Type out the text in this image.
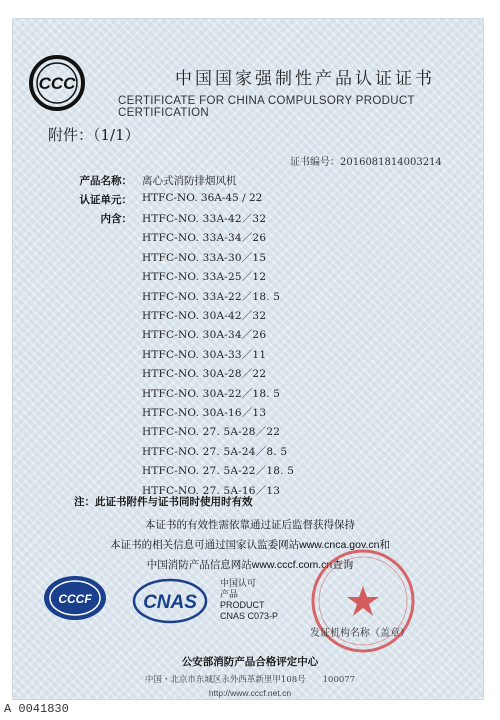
CCC	中国国家强制性产品认证证书
CERTIFICATE FOR CHINA COMPULSORY PRODUCT CERTIFICATION
附件：（1/1）
证书编号：2016081814003214
产品名称： 离心式消防排烟风机
认证单元： HTFC-NO. 36A-45 / 22
内含： HTFC-NO. 33A-42／32
HTFC-NO. 33A-34／26
HTFC-NO. 33A-30／15
HTFC-NO. 33A-25／12
HTFC-NO. 33A-22／18. 5
HTFC-NO. 30A-42／32
HTFC-NO. 30A-34／26
HTFC-NO. 30A-33／11
HTFC-NO. 30A-28／22
HTFC-NO. 30A-22／18. 5
HTFC-NO. 30A-16／13
HTFC-NO. 27. 5A-28／22
HTFC-NO. 27. 5A-24／8. 5
HTFC-NO. 27. 5A-22／18. 5
HTFC-NO. 27. 5A-16／13
注：此证书附件与证书同时使用时有效
本证书的有效性需依靠通过证后监督获得保持
本证书的相关信息可通过国家认监委网站www.cnca.gov.cn和
中国消防产品信息网站www.cccf.com.cn查询
CCCF	CNAS
中国认可
产品
PRODUCT
CNAS C073-P
发证机构名称（盖章）
公安部消防产品合格评定中心
中国・北京市东城区永外西革新里甲108号　　100077
http://www.cccf.net.cn
A 0041830
